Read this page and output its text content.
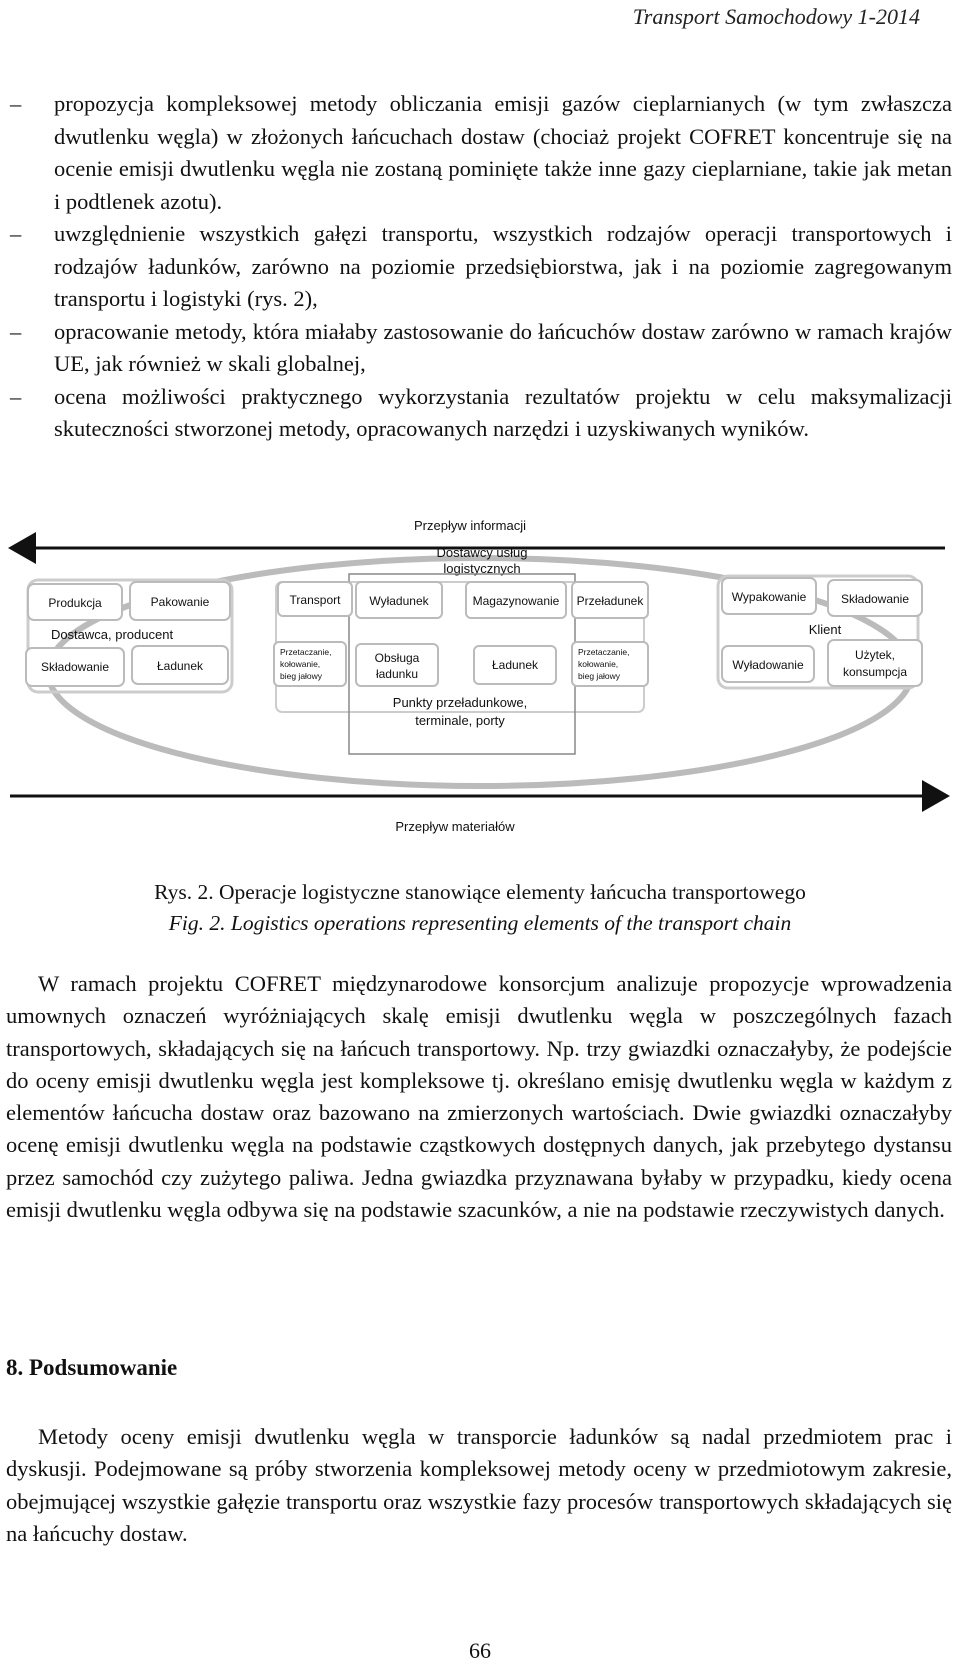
Transport Samochodowy 1-2014
– propozycja kompleksowej metody obliczania emisji gazów cieplarnianych (w tym zwłaszcza dwutlenku węgla) w złożonych łańcuchach dostaw (chociaż projekt COFRET koncentruje się na ocenie emisji dwutlenku węgla nie zostaną pominięte także inne gazy cieplarniane, takie jak metan i podtlenek azotu).
– uwzględnienie wszystkich gałęzi transportu, wszystkich rodzajów operacji transportowych i rodzajów ładunków, zarówno na poziomie przedsiębiorstwa, jak i na poziomie zagregowanym transportu i logistyki (rys. 2),
– opracowanie metody, która miałaby zastosowanie do łańcuchów dostaw zarówno w ramach krajów UE, jak również w skali globalnej,
– ocena możliwości praktycznego wykorzystania rezultatów projektu w celu maksymalizacji skuteczności stworzonej metody, opracowanych narzędzi i uzyskiwanych wyników.
Przepływ informacji
Przepływ materiałów
Dostawcy usług
logistycznych
Produkcja	Pakowanie
Dostawca, producent
Składowanie	Ładunek
Transport Wyładunek	Magazynowanie Przeładunek
Przetaczanie,
kołowanie,
bieg jałowy
Obsługa
ładunku
Ładunek
Przetaczanie,
kołowanie,
bieg jałowy
Punkty przeładunkowe,
terminale, porty
Wypakowanie	Składowanie
Klient
Wyładowanie
Użytek,
konsumpcja
Rys. 2. Operacje logistyczne stanowiące elementy łańcucha transportowego
Fig. 2. Logistics operations representing elements of the transport chain

W ramach projektu COFRET międzynarodowe konsorcjum analizuje propozycje wprowadzenia umownych oznaczeń wyróżniających skalę emisji dwutlenku węgla w poszczególnych fazach transportowych, składających się na łańcuch transportowy. Np. trzy gwiazdki oznaczałyby, że podejście do oceny emisji dwutlenku węgla jest kompleksowe tj. określano emisję dwutlenku węgla w każdym z elementów łańcucha dostaw oraz bazowano na zmierzonych wartościach. Dwie gwiazdki oznaczałyby ocenę emisji dwutlenku węgla na podstawie cząstkowych dostępnych danych, jak przebytego dystansu przez samochód czy zużytego paliwa. Jedna gwiazdka przyznawana byłaby w przypadku, kiedy ocena emisji dwutlenku węgla odbywa się na podstawie szacunków, a nie na podstawie rzeczywistych danych.

8. Podsumowanie

Metody oceny emisji dwutlenku węgla w transporcie ładunków są nadal przedmiotem prac i dyskusji. Podejmowane są próby stworzenia kompleksowej metody oceny w przedmiotowym zakresie, obejmującej wszystkie gałęzie transportu oraz wszystkie fazy procesów transportowych składających się na łańcuchy dostaw.

66
